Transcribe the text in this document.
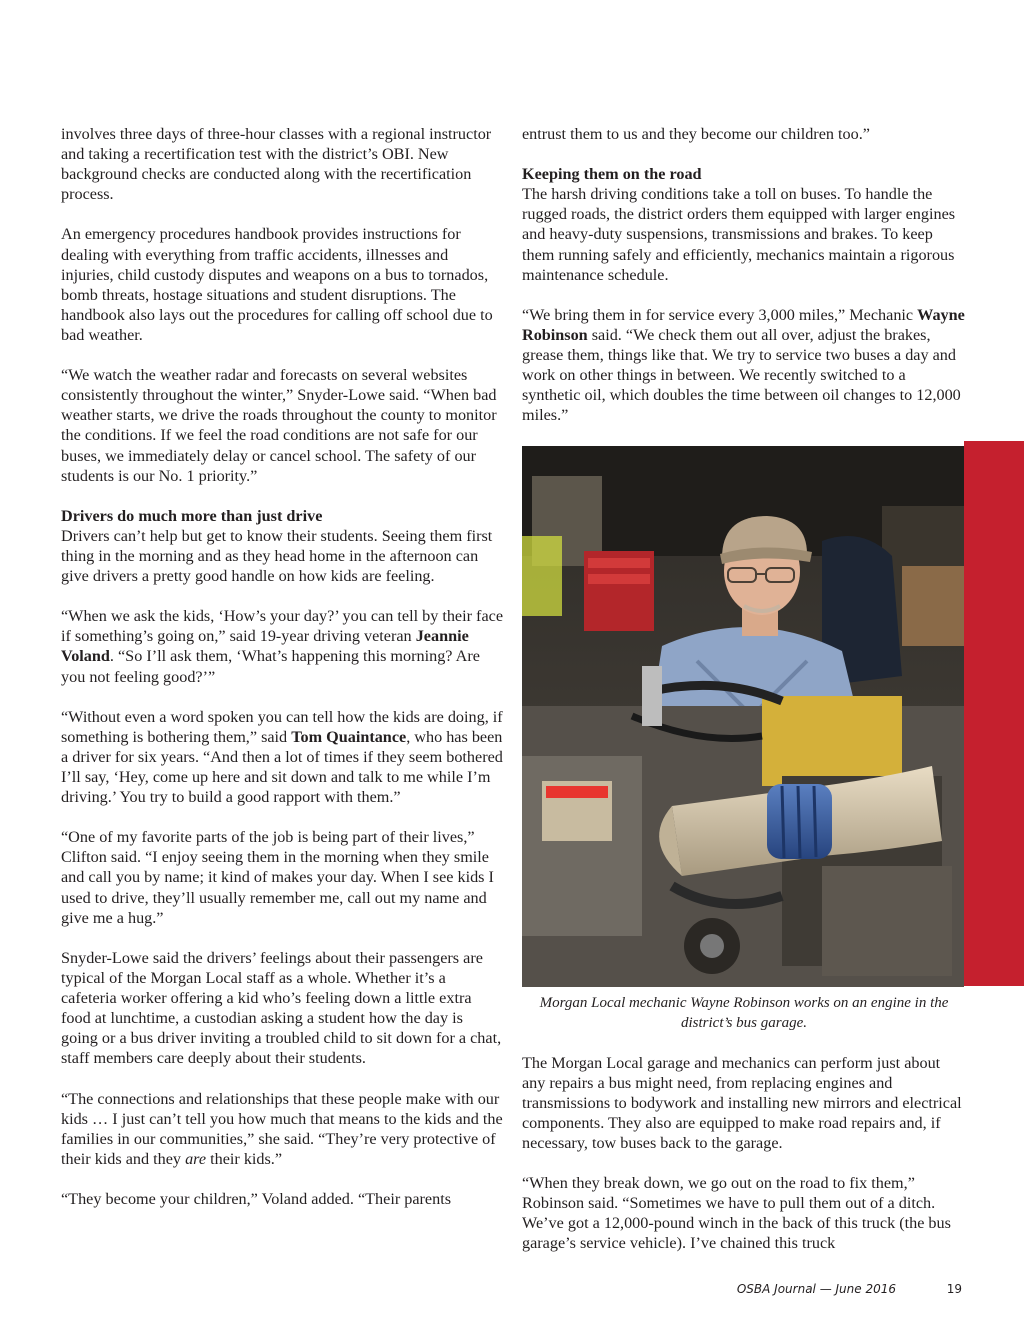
involves three days of three-hour classes with a regional instructor and taking a recertification test with the district’s OBI. New background checks are conducted along with the recertification process.

An emergency procedures handbook provides instructions for dealing with everything from traffic accidents, illnesses and injuries, child custody disputes and weapons on a bus to tornados, bomb threats, hostage situations and student disruptions. The handbook also lays out the procedures for calling off school due to bad weather.

“We watch the weather radar and forecasts on several websites consistently throughout the winter,” Snyder-Lowe said. “When bad weather starts, we drive the roads throughout the county to monitor the conditions. If we feel the road conditions are not safe for our buses, we immediately delay or cancel school. The safety of our students is our No. 1 priority.”

Drivers do much more than just drive

Drivers can’t help but get to know their students. Seeing them first thing in the morning and as they head home in the afternoon can give drivers a pretty good handle on how kids are feeling.

“When we ask the kids, ‘How’s your day?’ you can tell by their face if something’s going on,” said 19-year driving veteran Jeannie Voland. “So I’ll ask them, ‘What’s happening this morning? Are you not feeling good?’”

“Without even a word spoken you can tell how the kids are doing, if something is bothering them,” said Tom Quaintance, who has been a driver for six years. “And then a lot of times if they seem bothered I’ll say, ‘Hey, come up here and sit down and talk to me while I’m driving.’ You try to build a good rapport with them.”

“One of my favorite parts of the job is being part of their lives,” Clifton said. “I enjoy seeing them in the morning when they smile and call you by name; it kind of makes your day. When I see kids I used to drive, they’ll usually remember me, call out my name and give me a hug.”

Snyder-Lowe said the drivers’ feelings about their passengers are typical of the Morgan Local staff as a whole. Whether it’s a cafeteria worker offering a kid who’s feeling down a little extra food at lunchtime, a custodian asking a student how the day is going or a bus driver inviting a troubled child to sit down for a chat, staff members care deeply about their students.

“The connections and relationships that these people make with our kids … I just can’t tell you how much that means to the kids and the families in our communities,” she said. “They’re very protective of their kids and they are their kids.”

“They become your children,” Voland added. “Their parents

entrust them to us and they become our children too.”

Keeping them on the road

The harsh driving conditions take a toll on buses. To handle the rugged roads, the district orders them equipped with larger engines and heavy-duty suspensions, transmissions and brakes. To keep them running safely and efficiently, mechanics maintain a rigorous maintenance schedule.

“We bring them in for service every 3,000 miles,” Mechanic Wayne Robinson said. “We check them out all over, adjust the brakes, grease them, things like that. We try to service two buses a day and work on other things in between. We recently switched to a synthetic oil, which doubles the time between oil changes to 12,000 miles.”

Morgan Local mechanic Wayne Robinson works on an engine in the district’s bus garage.

The Morgan Local garage and mechanics can perform just about any repairs a bus might need, from replacing engines and transmissions to bodywork and installing new mirrors and electrical components. They also are equipped to make road repairs and, if necessary, tow buses back to the garage.

“When they break down, we go out on the road to fix them,” Robinson said. “Sometimes we have to pull them out of a ditch. We’ve got a 12,000-pound winch in the back of this truck (the bus garage’s service vehicle). I’ve chained this truck

OSBA Journal — June 2016	19
